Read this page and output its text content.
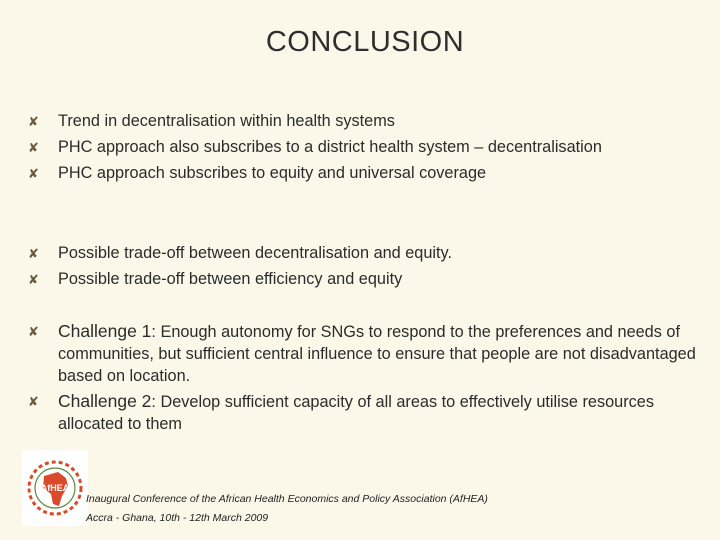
CONCLUSION
✘ Trend in decentralisation within health systems
✘ PHC approach also subscribes to a district health system – decentralisation
✘ PHC approach subscribes to equity and universal coverage
✘ Possible trade-off between decentralisation and equity.
✘ Possible trade-off between efficiency and equity
✘ Challenge 1: Enough autonomy for SNGs to respond to the preferences and needs of communities, but sufficient central influence to ensure that people are not disadvantaged based on location.
✘ Challenge 2: Develop sufficient capacity of all areas to effectively utilise resources allocated to them
AfHEA
Inaugural Conference of the African Health Economics and Policy Association (AfHEA)
Accra - Ghana, 10th - 12th March 2009
